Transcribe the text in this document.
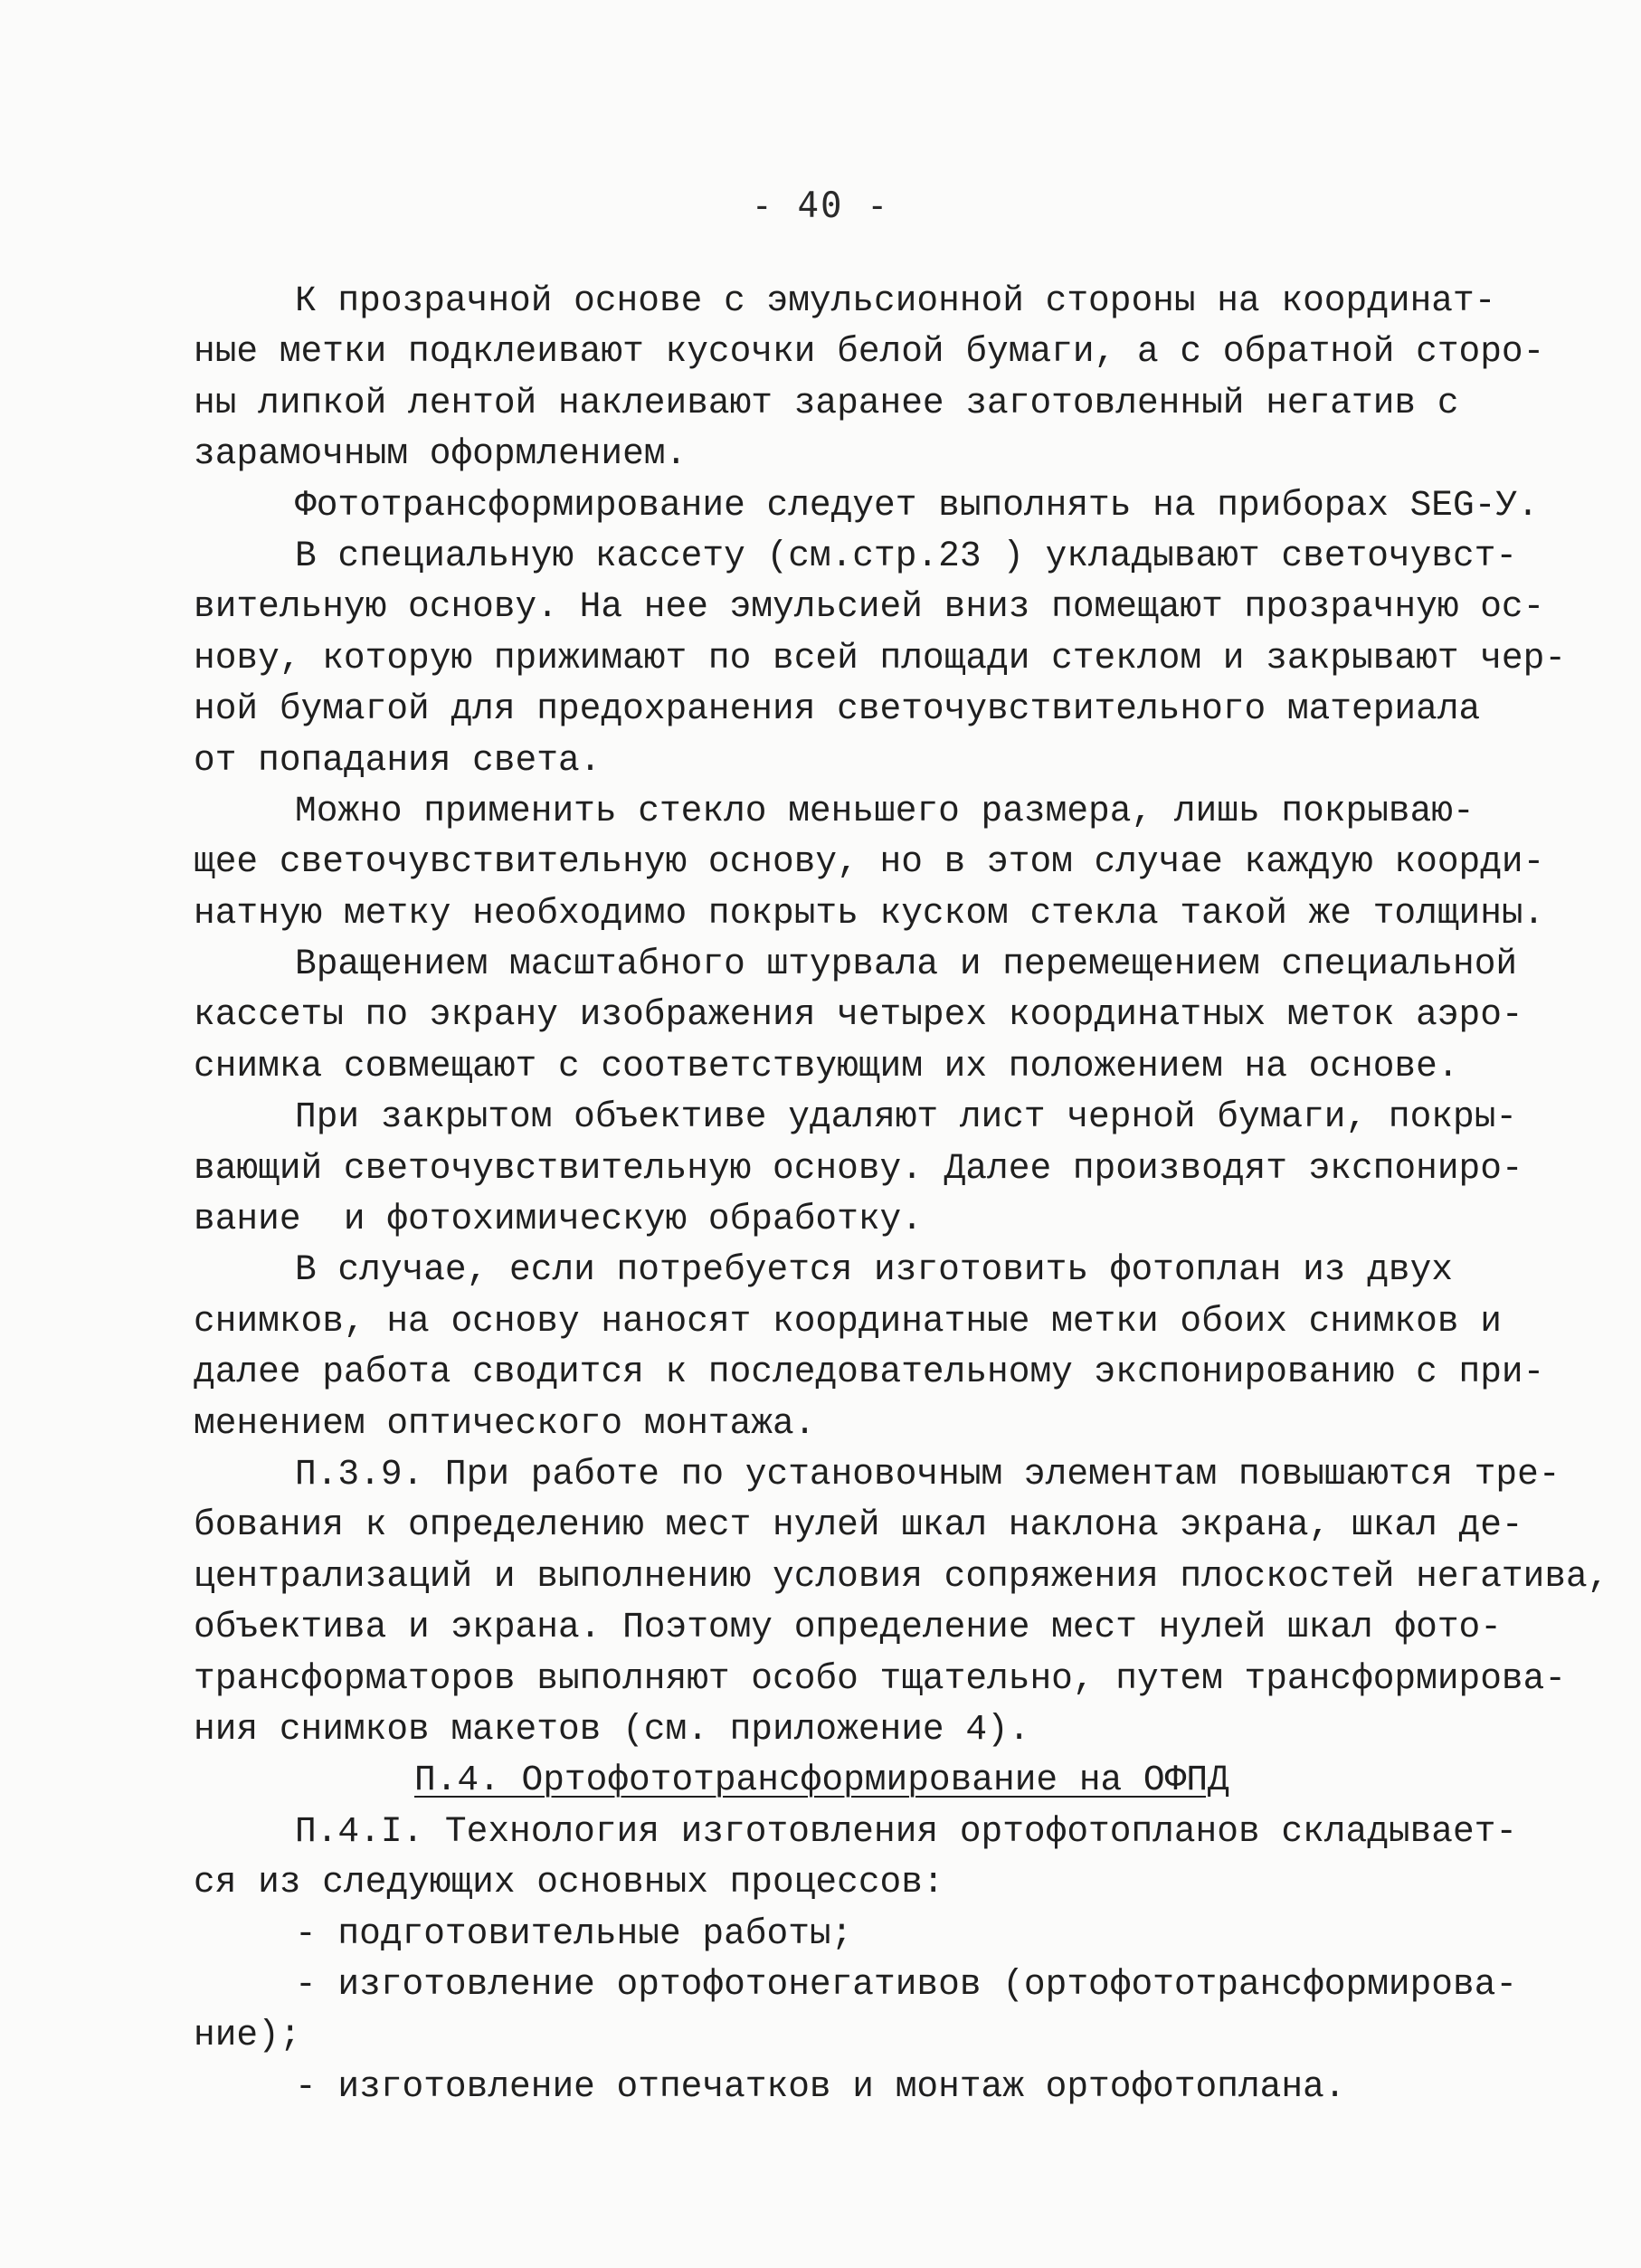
- 40 -
К прозрачной основе с эмульсионной стороны на координат-
ные метки подклеивают кусочки белой бумаги, а с обратной сторо-
ны липкой лентой наклеивают заранее заготовленный негатив с
зарамочным оформлением.
Фототрансформирование следует выполнять на приборах SEG-У.
В специальную кассету (см.стр.23 ) укладывают светочувст-
вительную основу. На нее эмульсией вниз помещают прозрачную ос-
нову, которую прижимают по всей площади стеклом и закрывают чер-
ной бумагой для предохранения светочувствительного материала
от попадания света.
Можно применить стекло меньшего размера, лишь покрываю-
щее светочувствительную основу, но в этом случае каждую коорди-
натную метку необходимо покрыть куском стекла такой же толщины.
Вращением масштабного штурвала и перемещением специальной
кассеты по экрану изображения четырех координатных меток аэро-
снимка совмещают с соответствующим их положением на основе.
При закрытом объективе удаляют лист черной бумаги, покры-
вающий светочувствительную основу. Далее производят экспониро-
вание  и фотохимическую обработку.
В случае, если потребуется изготовить фотоплан из двух
снимков, на основу наносят координатные метки обоих снимков и
далее работа сводится к последовательному экспонированию с при-
менением оптического монтажа.
П.3.9. При работе по установочным элементам повышаются тре-
бования к определению мест нулей шкал наклона экрана, шкал де-
централизаций и выполнению условия сопряжения плоскостей негатива,
объектива и экрана. Поэтому определение мест нулей шкал фото-
трансформаторов выполняют особо тщательно, путем трансформирова-
ния снимков макетов (см. приложение 4).
П.4. Ортофототрансформирование на ОФПД
П.4.I. Технология изготовления ортофотопланов складывает-
ся из следующих основных процессов:
- подготовительные работы;
- изготовление ортофотонегативов (ортофототрансформирова-
ние);
- изготовление отпечатков и монтаж ортофотоплана.
